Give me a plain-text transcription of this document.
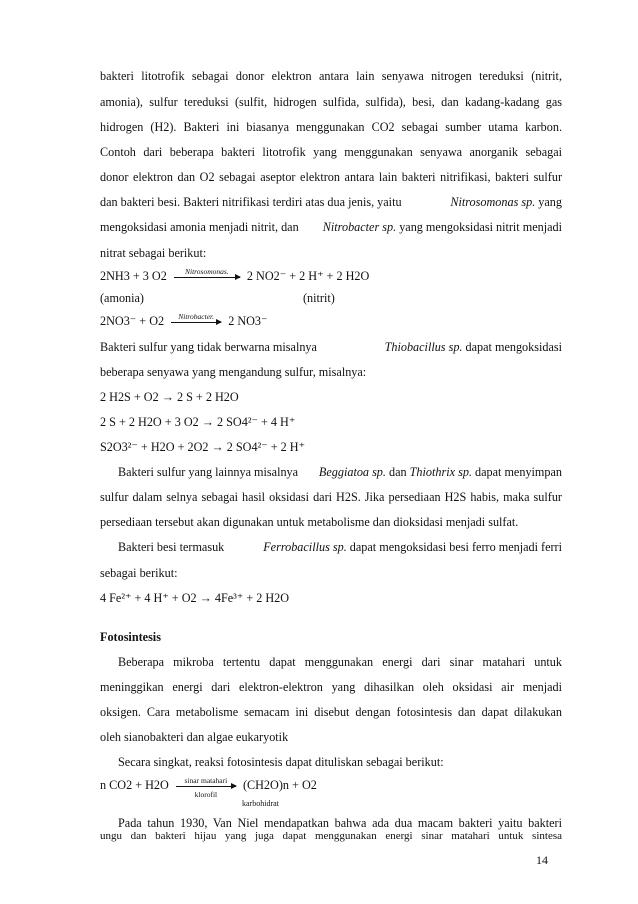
bakteri litotrofik sebagai donor elektron antara lain senyawa nitrogen tereduksi (nitrit,
amonia), sulfur tereduksi (sulfit, hidrogen sulfida, sulfida), besi, dan kadang-kadang gas
hidrogen (H2). Bakteri ini biasanya menggunakan CO2 sebagai sumber utama karbon.
Contoh dari beberapa bakteri litotrofik yang menggunakan senyawa anorganik sebagai
donor elektron dan O2 sebagai aseptor elektron antara lain bakteri nitrifikasi, bakteri sulfur
dan bakteri besi. Bakteri nitrifikasi terdiri atas dua jenis, yaitu	Nitrosomonas sp. yang
mengoksidasi amonia menjadi nitrit, dan Nitrobacter sp. yang mengoksidasi nitrit menjadi
nitrat sebagai berikut:
2NH3 + 3 O2	Nitrosomonas.	2 NO2⁻ + 2 H⁺ + 2 H2O
(amonia)	(nitrit)
2NO3⁻ + O2	Nitrobacter.	2 NO3⁻
Bakteri sulfur yang tidak berwarna misalnya	Thiobacillus sp. dapat mengoksidasi
beberapa senyawa yang mengandung sulfur, misalnya:
2 H2S + O2 → 2 S + 2 H2O
2 S + 2 H2O + 3 O2 → 2 SO4²⁻ + 4 H⁺
S2O3²⁻ + H2O + 2O2 → 2 SO4²⁻ + 2 H⁺
Bakteri sulfur yang lainnya misalnya Beggiatoa sp. dan Thiothrix sp. dapat menyimpan
sulfur dalam selnya sebagai hasil oksidasi dari H2S. Jika persediaan H2S habis, maka sulfur
persediaan tersebut akan digunakan untuk metabolisme dan dioksidasi menjadi sulfat.
Bakteri besi termasuk	Ferrobacillus sp. dapat mengoksidasi besi ferro menjadi ferri
sebagai berikut:
4 Fe²⁺ + 4 H⁺ + O2 → 4Fe³⁺ + 2 H2O
Fotosintesis
Beberapa mikroba tertentu dapat menggunakan energi dari sinar matahari untuk
meninggikan energi dari elektron-elektron yang dihasilkan oleh oksidasi air menjadi
oksigen. Cara metabolisme semacam ini disebut dengan fotosintesis dan dapat dilakukan
oleh sianobakteri dan algae eukaryotik
Secara singkat, reaksi fotosintesis dapat dituliskan sebagai berikut:
n CO2 + H2O	sinar matahari
klorofil
(CH2O)n + O2
karbohidrat
Pada tahun 1930, Van Niel mendapatkan bahwa ada dua macam bakteri yaitu bakteri
ungu dan bakteri hijau yang juga dapat menggunakan energi sinar matahari untuk sintesa
14
